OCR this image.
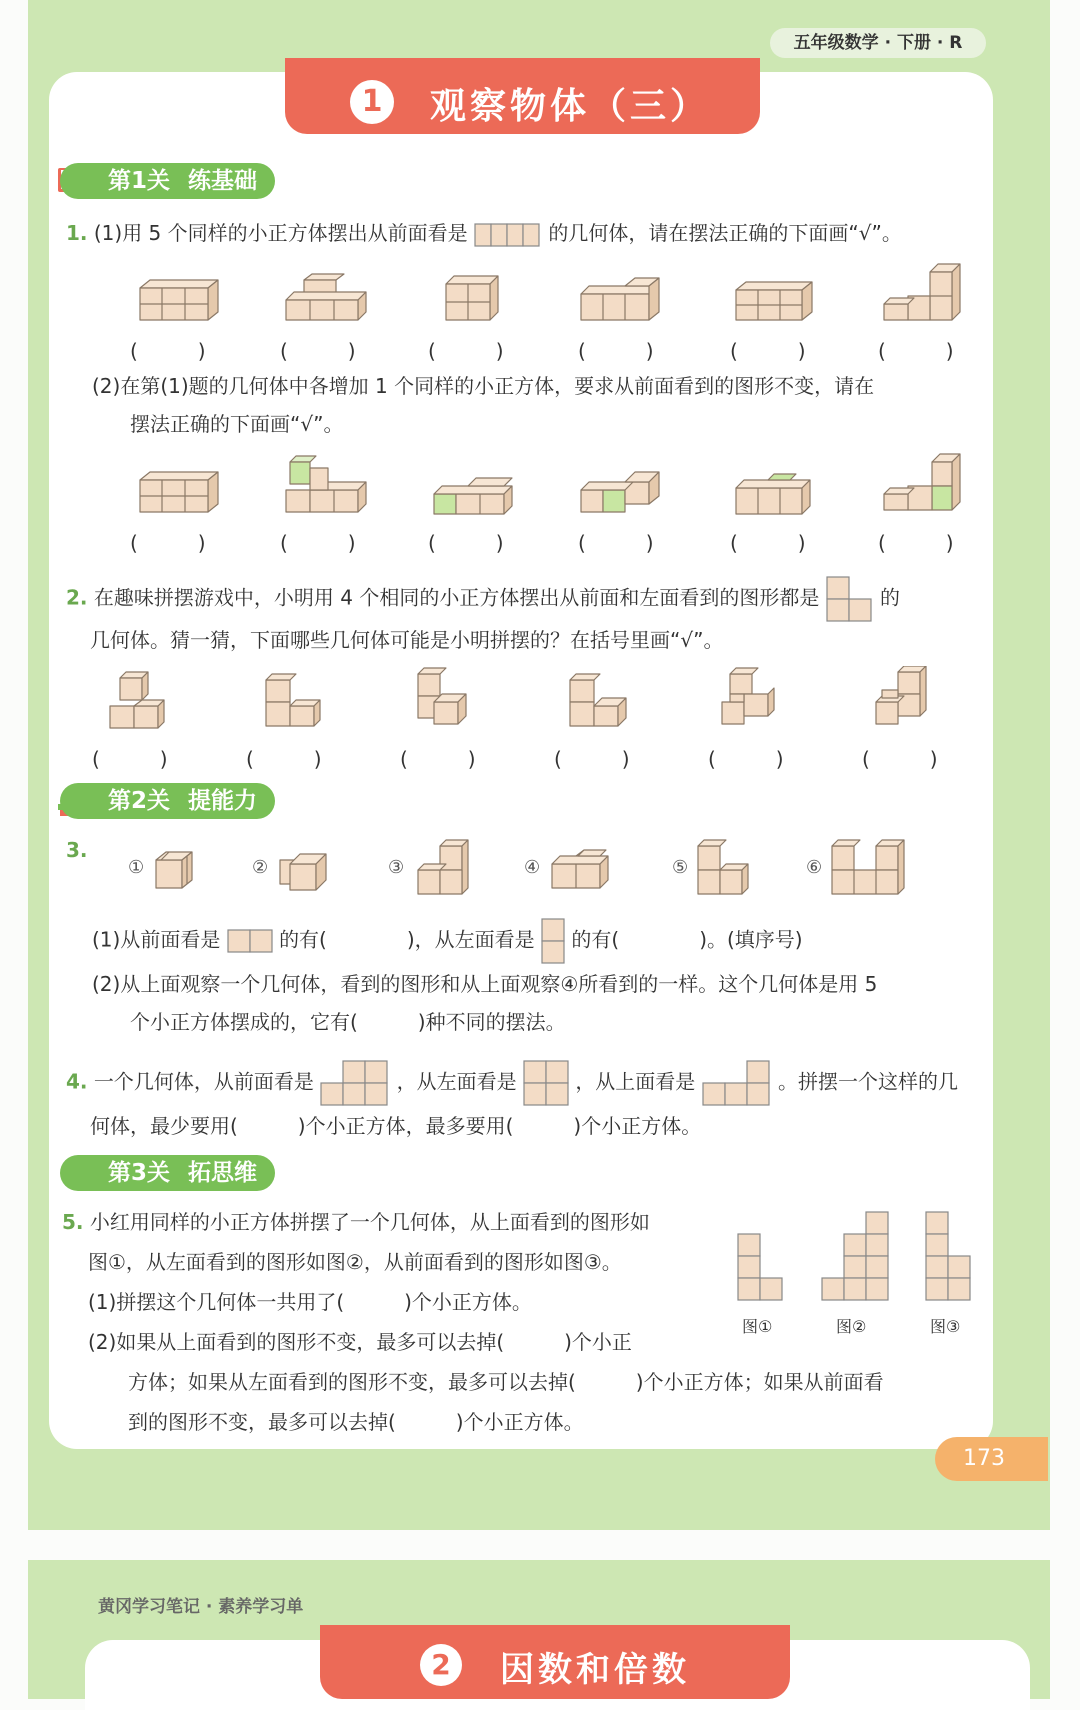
五年级数学 · 下册 · R
1	观察物体（三）
第1关 练基础
1. (1)用 5 个同样的小正方体摆出从前面看是	的几何体，请在摆法正确的下面画“√”。
(　　　)	(　　　)	(　　　)	(　　　)	(　　　)	(　　　)
(2)在第(1)题的几何体中各增加 1 个同样的小正方体，要求从前面看到的图形不变，请在
摆法正确的下面画“√”。
(　　　)	(　　　)	(　　　)	(　　　)	(　　　)	(　　　)
2. 在趣味拼摆游戏中，小明用 4 个相同的小正方体摆出从前面和左面看到的图形都是	的
几何体。猜一猜，下面哪些几何体可能是小明拼摆的？在括号里画“√”。
(　　　)	(　　　)	(　　　)	(　　　)	(　　　)	(　　　)
第2关 提能力
3.
①	②	③	④	⑤	⑥
(1)从前面看是	的有(　　　　)，从左面看是 的有(　　　　)。(填序号)
(2)从上面观察一个几何体，看到的图形和从上面观察④所看到的一样。这个几何体是用 5
个小正方体摆成的，它有(　　　)种不同的摆法。
4. 一个几何体，从前面看是	，从左面看是	，从上面看是	。拼摆一个这样的几
何体，最少要用(　　　)个小正方体，最多要用(　　　)个小正方体。
第3关 拓思维
5. 小红用同样的小正方体拼摆了一个几何体，从上面看到的图形如
图①，从左面看到的图形如图②，从前面看到的图形如图③。
(1)拼摆这个几何体一共用了(　　　)个小正方体。
(2)如果从上面看到的图形不变，最多可以去掉(　　　)个小正
方体；如果从左面看到的图形不变，最多可以去掉(　　　)个小正方体；如果从前面看
到的图形不变，最多可以去掉(　　　)个小正方体。
图①	图②	图③
173
黄冈学习笔记 · 素养学习单
2	因数和倍数
